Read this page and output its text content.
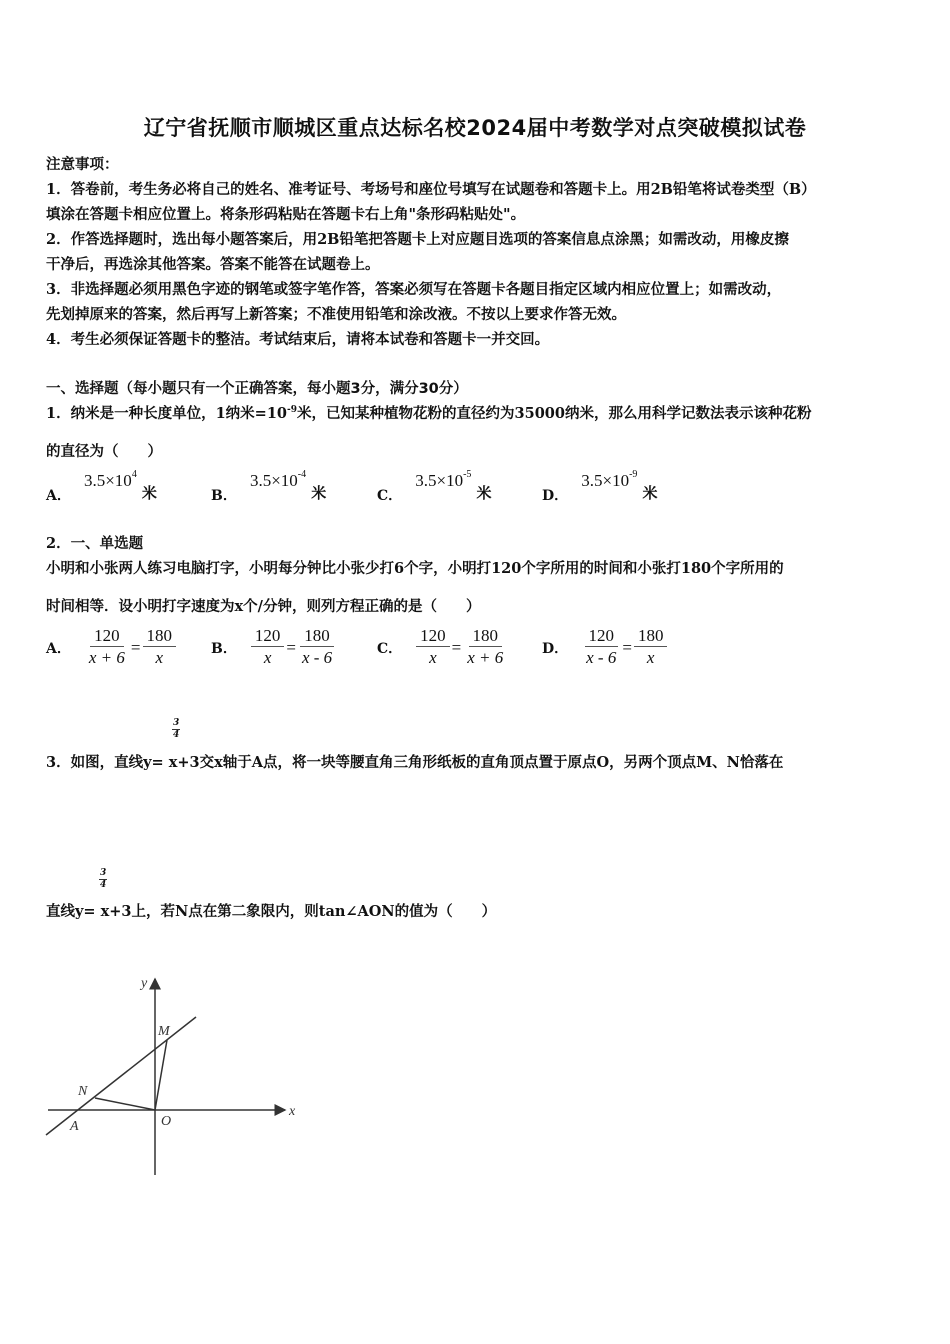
辽宁省抚顺市顺城区重点达标名校2024届中考数学对点突破模拟试卷
注意事项：
1．答卷前，考生务必将自己的姓名、准考证号、考场号和座位号填写在试题卷和答题卡上。用2B铅笔将试卷类型（B）
填涂在答题卡相应位置上。将条形码粘贴在答题卡右上角"条形码粘贴处"。
2．作答选择题时，选出每小题答案后，用2B铅笔把答题卡上对应题目选项的答案信息点涂黑；如需改动，用橡皮擦
干净后，再选涂其他答案。答案不能答在试题卷上。
3．非选择题必须用黑色字迹的钢笔或签字笔作答，答案必须写在答题卡各题目指定区域内相应位置上；如需改动，
先划掉原来的答案，然后再写上新答案；不准使用铅笔和涂改液。不按以上要求作答无效。
4．考生必须保证答题卡的整洁。考试结束后，请将本试卷和答题卡一并交回。
一、选择题（每小题只有一个正确答案，每小题3分，满分30分）
1．纳米是一种长度单位，1纳米$=10^{-9}$米，已知某种植物花粉的直径约为35000纳米，那么用科学记数法表示该种花粉
的直径为（　　）
A． $3.5\times 10^4$ 米	B． $3.5\times 10^{-4}$ 米	C． $3.5\times 10^{-5}$ 米	D． $3.5\times 10^{-9}$ 米
2．一、单选题
小明和小张两人练习电脑打字，小明每分钟比小张少打6个字，小明打120个字所用的时间和小张打180个字所用的
时间相等．设小明打字速度为x个/分钟，则列方程正确的是（　　）
A． $\frac{120}{x + 6} = \frac{180}{x}$	B． $\frac{120}{x} = \frac{180}{x - 6}$	C． $\frac{120}{x} = \frac{180}{x + 6}$ D． $\frac{120}{x - 6} = \frac{180}{x}$
3
4
3．如图，直线y= x+3交x轴于A点，将一块等腰直角三角形纸板的直角顶点置于原点O，另两个顶点M、N恰落在
3
4
直线y= x+3上，若N点在第二象限内，则tan∠AON的值为（　　）
x
y
M
N
A	O
